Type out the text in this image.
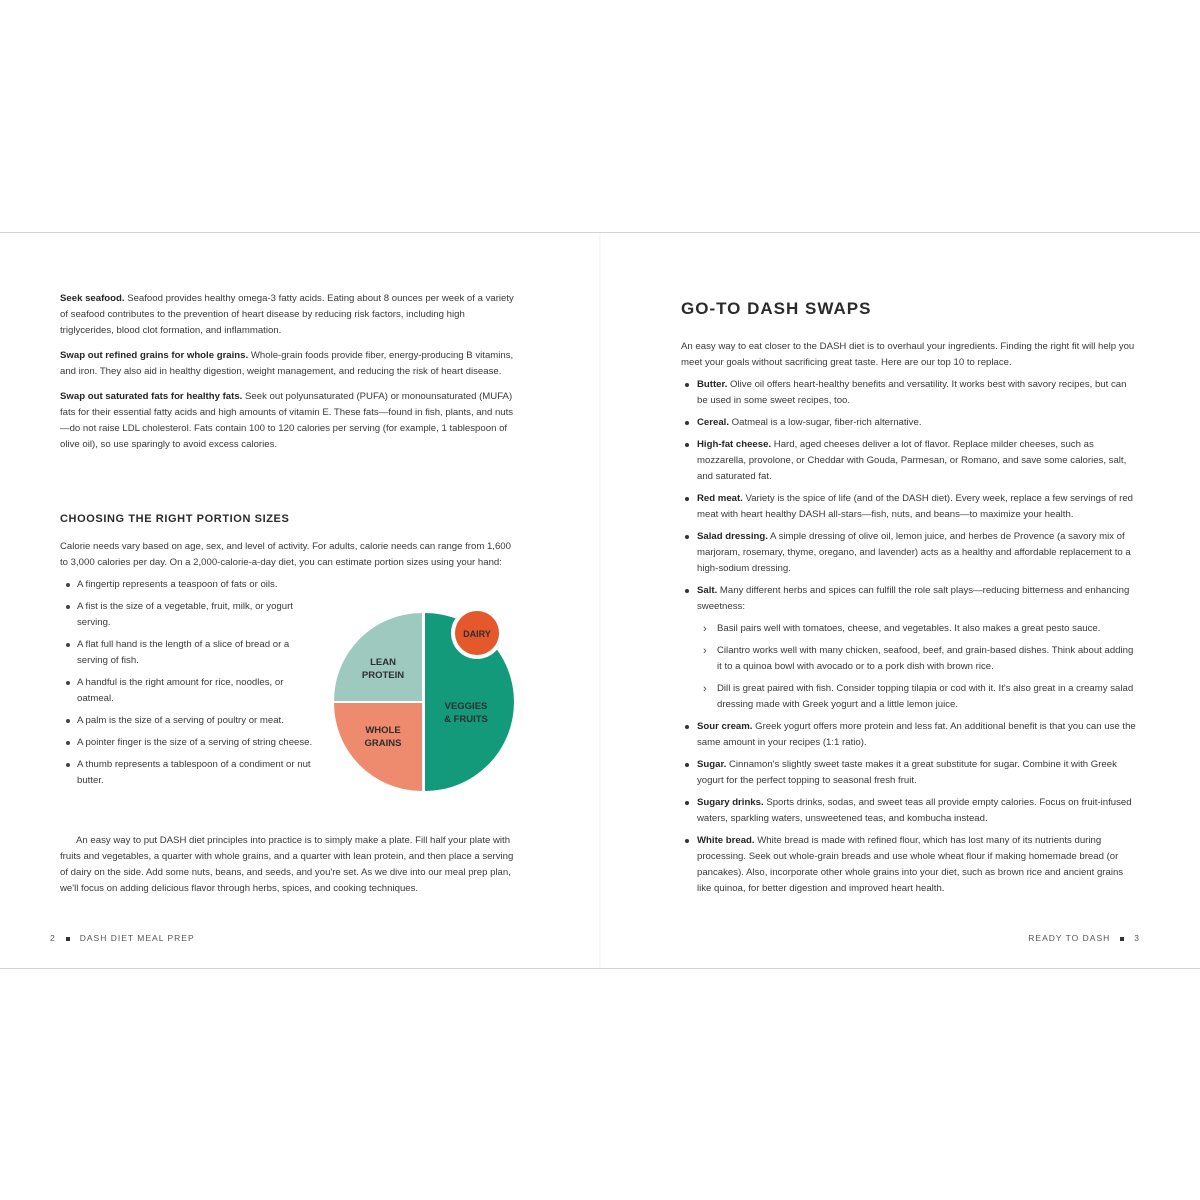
Seek seafood. Seafood provides healthy omega-3 fatty acids. Eating about 8 ounces per week of a variety of seafood contributes to the prevention of heart disease by reducing risk factors, including high triglycerides, blood clot formation, and inflammation.

Swap out refined grains for whole grains. Whole-grain foods provide fiber, energy-producing B vitamins, and iron. They also aid in healthy digestion, weight management, and reducing the risk of heart disease.

Swap out saturated fats for healthy fats. Seek out polyunsaturated (PUFA) or monounsaturated (MUFA) fats for their essential fatty acids and high amounts of vitamin E. These fats—found in fish, plants, and nuts—do not raise LDL cholesterol. Fats contain 100 to 120 calories per serving (for example, 1 tablespoon of olive oil), so use sparingly to avoid excess calories.

CHOOSING THE RIGHT PORTION SIZES

Calorie needs vary based on age, sex, and level of activity. For adults, calorie needs can range from 1,600 to 3,000 calories per day. On a 2,000-calorie-a-day diet, you can estimate portion sizes using your hand:

A fingertip represents a teaspoon of fats or oils.
A fist is the size of a vegetable, fruit, milk, or yogurt serving.
A flat full hand is the length of a slice of bread or a serving of fish.
A handful is the right amount for rice, noodles, or oatmeal.
A palm is the size of a serving of poultry or meat.
A pointer finger is the size of a serving of string cheese.
A thumb represents a tablespoon of a condiment or nut butter.
LEAN
PROTEIN
WHOLE
GRAINS
VEGGIES
& FRUITS
DAIRY

An easy way to put DASH diet principles into practice is to simply make a plate. Fill half your plate with fruits and vegetables, a quarter with whole grains, and a quarter with lean protein, and then place a serving of dairy on the side. Add some nuts, beans, and seeds, and you're set. As we dive into our meal prep plan, we'll focus on adding delicious flavor through herbs, spices, and cooking techniques.

2	DASH DIET MEAL PREP
GO-TO DASH SWAPS

An easy way to eat closer to the DASH diet is to overhaul your ingredients. Finding the right fit will help you meet your goals without sacrificing great taste. Here are our top 10 to replace.

Butter. Olive oil offers heart-healthy benefits and versatility. It works best with savory recipes, but can be used in some sweet recipes, too.
Cereal. Oatmeal is a low-sugar, fiber-rich alternative.
High-fat cheese. Hard, aged cheeses deliver a lot of flavor. Replace milder cheeses, such as mozzarella, provolone, or Cheddar with Gouda, Parmesan, or Romano, and save some calories, salt, and saturated fat.
Red meat. Variety is the spice of life (and of the DASH diet). Every week, replace a few servings of red meat with heart healthy DASH all-stars—fish, nuts, and beans—to maximize your health.
Salad dressing. A simple dressing of olive oil, lemon juice, and herbes de Provence (a savory mix of marjoram, rosemary, thyme, oregano, and lavender) acts as a healthy and affordable replacement to a high-sodium dressing.
Salt. Many different herbs and spices can fulfill the role salt plays—reducing bitterness and enhancing sweetness:
› Basil pairs well with tomatoes, cheese, and vegetables. It also makes a great pesto sauce.
› Cilantro works well with many chicken, seafood, beef, and grain-based dishes. Think about adding it to a quinoa bowl with avocado or to a pork dish with brown rice.
› Dill is great paired with fish. Consider topping tilapia or cod with it. It's also great in a creamy salad dressing made with Greek yogurt and a little lemon juice.
Sour cream. Greek yogurt offers more protein and less fat. An additional benefit is that you can use the same amount in your recipes (1:1 ratio).
Sugar. Cinnamon's slightly sweet taste makes it a great substitute for sugar. Combine it with Greek yogurt for the perfect topping to seasonal fresh fruit.
Sugary drinks. Sports drinks, sodas, and sweet teas all provide empty calories. Focus on fruit-infused waters, sparkling waters, unsweetened teas, and kombucha instead.
White bread. White bread is made with refined flour, which has lost many of its nutrients during processing. Seek out whole-grain breads and use whole wheat flour if making homemade bread (or pancakes). Also, incorporate other whole grains into your diet, such as brown rice and ancient grains like quinoa, for better digestion and improved heart health.
READY TO DASH	3
